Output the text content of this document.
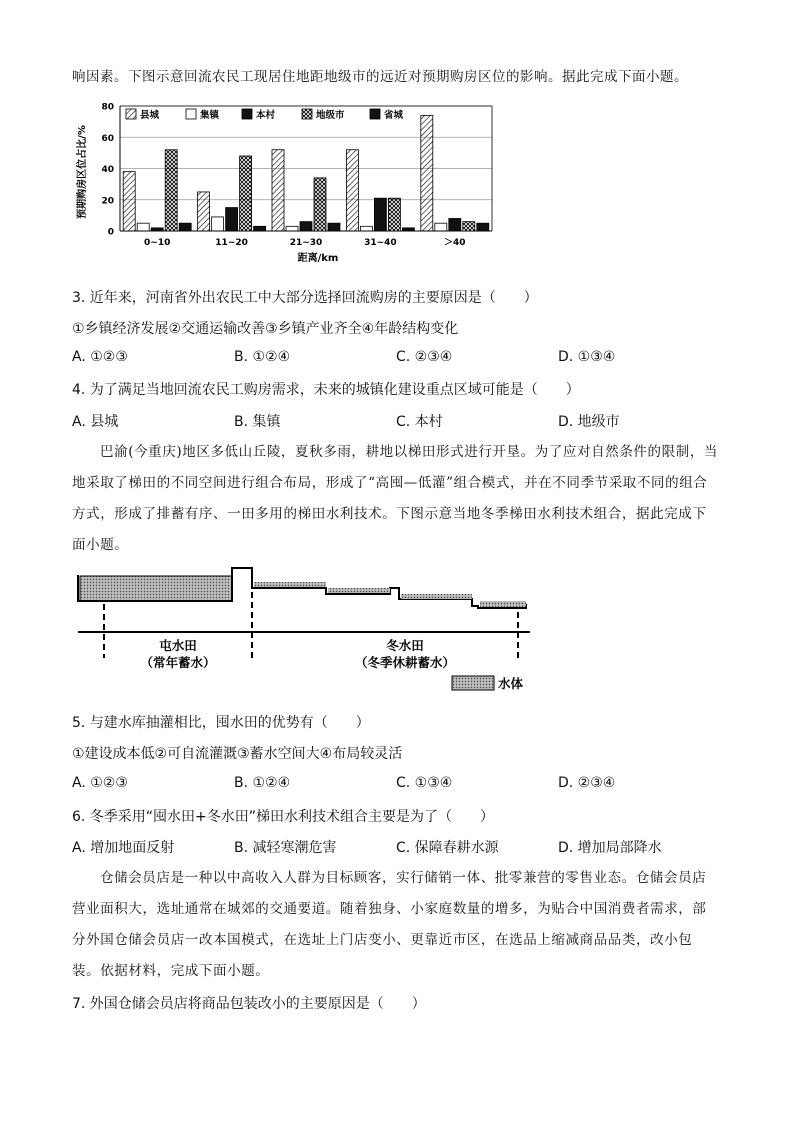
响因素。下图示意回流农民工现居住地距地级市的远近对预期购房区位的影响。据此完成下面小题。
0
20
40
60
80
0~10	11~20	21~30	31~40	＞40
县城	集镇	本村	地级市	省城
预期购房区位占比/%
距离/km
3. 近年来，河南省外出农民工中大部分选择回流购房的主要原因是（　　）
①乡镇经济发展②交通运输改善③乡镇产业齐全④年龄结构变化
A. ①②③	B. ①②④	C. ②③④	D. ①③④
4. 为了满足当地回流农民工购房需求，未来的城镇化建设重点区域可能是（　　）
A. 县城	B. 集镇	C. 本村	D. 地级市
巴渝(今重庆)地区多低山丘陵，夏秋多雨，耕地以梯田形式进行开垦。为了应对自然条件的限制，当地采取了梯田的不同空间进行组合布局，形成了“高囤—低灌”组合模式，并在不同季节采取不同的组合方式，形成了排蓄有序、一田多用的梯田水利技术。下图示意当地冬季梯田水利技术组合，据此完成下面小题。
屯水田
（常年蓄水）
冬水田
（冬季休耕蓄水）
水体
5. 与建水库抽灌相比，囤水田的优势有（　　）
①建设成本低②可自流灌溉③蓄水空间大④布局较灵活
A. ①②③	B. ①②④	C. ①③④	D. ②③④
6. 冬季采用“囤水田+冬水田”梯田水利技术组合主要是为了（　　）
A. 增加地面反射	B. 减轻寒潮危害	C. 保障春耕水源	D. 增加局部降水
仓储会员店是一种以中高收入人群为目标顾客，实行储销一体、批零兼营的零售业态。仓储会员店营业面积大，选址通常在城郊的交通要道。随着独身、小家庭数量的增多，为贴合中国消费者需求，部分外国仓储会员店一改本国模式，在选址上门店变小、更靠近市区，在选品上缩减商品品类，改小包装。依据材料，完成下面小题。
7. 外国仓储会员店将商品包装改小的主要原因是（　　）
